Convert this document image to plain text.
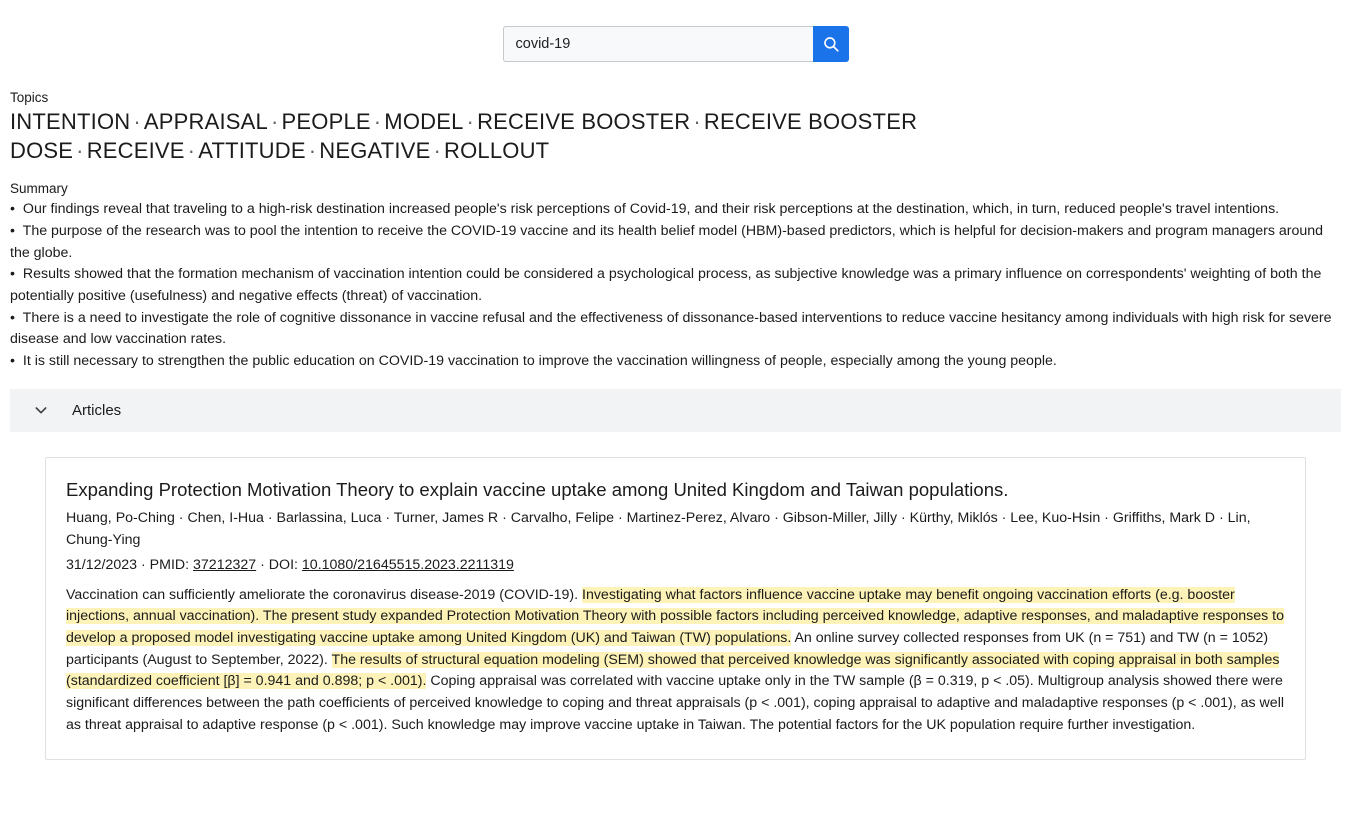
covid-19
Topics
INTENTION · APPRAISAL · PEOPLE · MODEL · RECEIVE BOOSTER · RECEIVE BOOSTER DOSE · RECEIVE · ATTITUDE · NEGATIVE · ROLLOUT
Summary
• Our findings reveal that traveling to a high-risk destination increased people's risk perceptions of Covid-19, and their risk perceptions at the destination, which, in turn, reduced people's travel intentions.
• The purpose of the research was to pool the intention to receive the COVID-19 vaccine and its health belief model (HBM)-based predictors, which is helpful for decision-makers and program managers around the globe.
• Results showed that the formation mechanism of vaccination intention could be considered a psychological process, as subjective knowledge was a primary influence on correspondents' weighting of both the potentially positive (usefulness) and negative effects (threat) of vaccination.
• There is a need to investigate the role of cognitive dissonance in vaccine refusal and the effectiveness of dissonance-based interventions to reduce vaccine hesitancy among individuals with high risk for severe disease and low vaccination rates.
• It is still necessary to strengthen the public education on COVID-19 vaccination to improve the vaccination willingness of people, especially among the young people.
Articles
Expanding Protection Motivation Theory to explain vaccine uptake among United Kingdom and Taiwan populations.
Huang, Po-Ching · Chen, I-Hua · Barlassina, Luca · Turner, James R · Carvalho, Felipe · Martinez-Perez, Alvaro · Gibson-Miller, Jilly · Kürthy, Miklós · Lee, Kuo-Hsin · Griffiths, Mark D · Lin, Chung-Ying
31/12/2023 · PMID: 37212327 · DOI: 10.1080/21645515.2023.2211319
Vaccination can sufficiently ameliorate the coronavirus disease-2019 (COVID-19). Investigating what factors influence vaccine uptake may benefit ongoing vaccination efforts (e.g. booster injections, annual vaccination). The present study expanded Protection Motivation Theory with possible factors including perceived knowledge, adaptive responses, and maladaptive responses to develop a proposed model investigating vaccine uptake among United Kingdom (UK) and Taiwan (TW) populations. An online survey collected responses from UK (n = 751) and TW (n = 1052) participants (August to September, 2022). The results of structural equation modeling (SEM) showed that perceived knowledge was significantly associated with coping appraisal in both samples (standardized coefficient [β] = 0.941 and 0.898; p < .001). Coping appraisal was correlated with vaccine uptake only in the TW sample (β = 0.319, p < .05). Multigroup analysis showed there were significant differences between the path coefficients of perceived knowledge to coping and threat appraisals (p < .001), coping appraisal to adaptive and maladaptive responses (p < .001), as well as threat appraisal to adaptive response (p < .001). Such knowledge may improve vaccine uptake in Taiwan. The potential factors for the UK population require further investigation.
